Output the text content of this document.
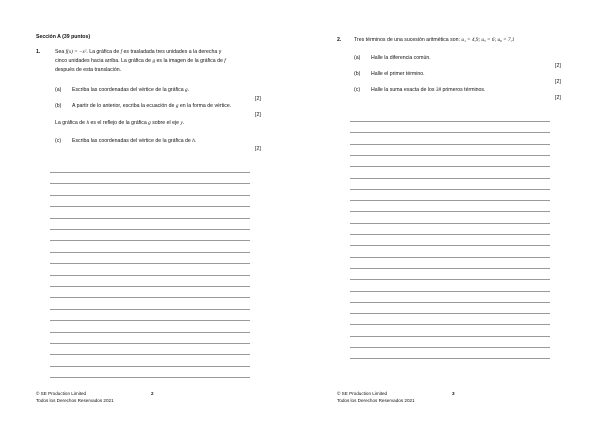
Sección A (39 puntos)
1.	Sea f(x) = −x². La gráfica de f es trasladada tres unidades a la derecha y
cinco unidades hacia arriba. La gráfica de g es la imagen de la gráfica de f
después de esta translación.
(a) Escriba las coordenadas del vértice de la gráfica g.
[2]
(b) A partir de lo anterior, escriba la ecuación de g en la forma de vértice.
[2]
La gráfica de h es el reflejo de la gráfica g sobre el eje y.
(c) Escriba las coordenadas del vértice de la gráfica de h.
[2]
© SE Production Limited
Todos los Derechos Reservados 2021
2
2. Tres términos de una sucesión aritmética son: u₁ = 4,9; u₅ = 6; u₈ = 7,1
(a) Halle la diferencia común.
[2]
(b) Halle el primer término.
[2]
(c) Halle la suma exacta de los 38 primeros términos.
[2]
© SE Production Limited
Todos los Derechos Reservados 2021
3
